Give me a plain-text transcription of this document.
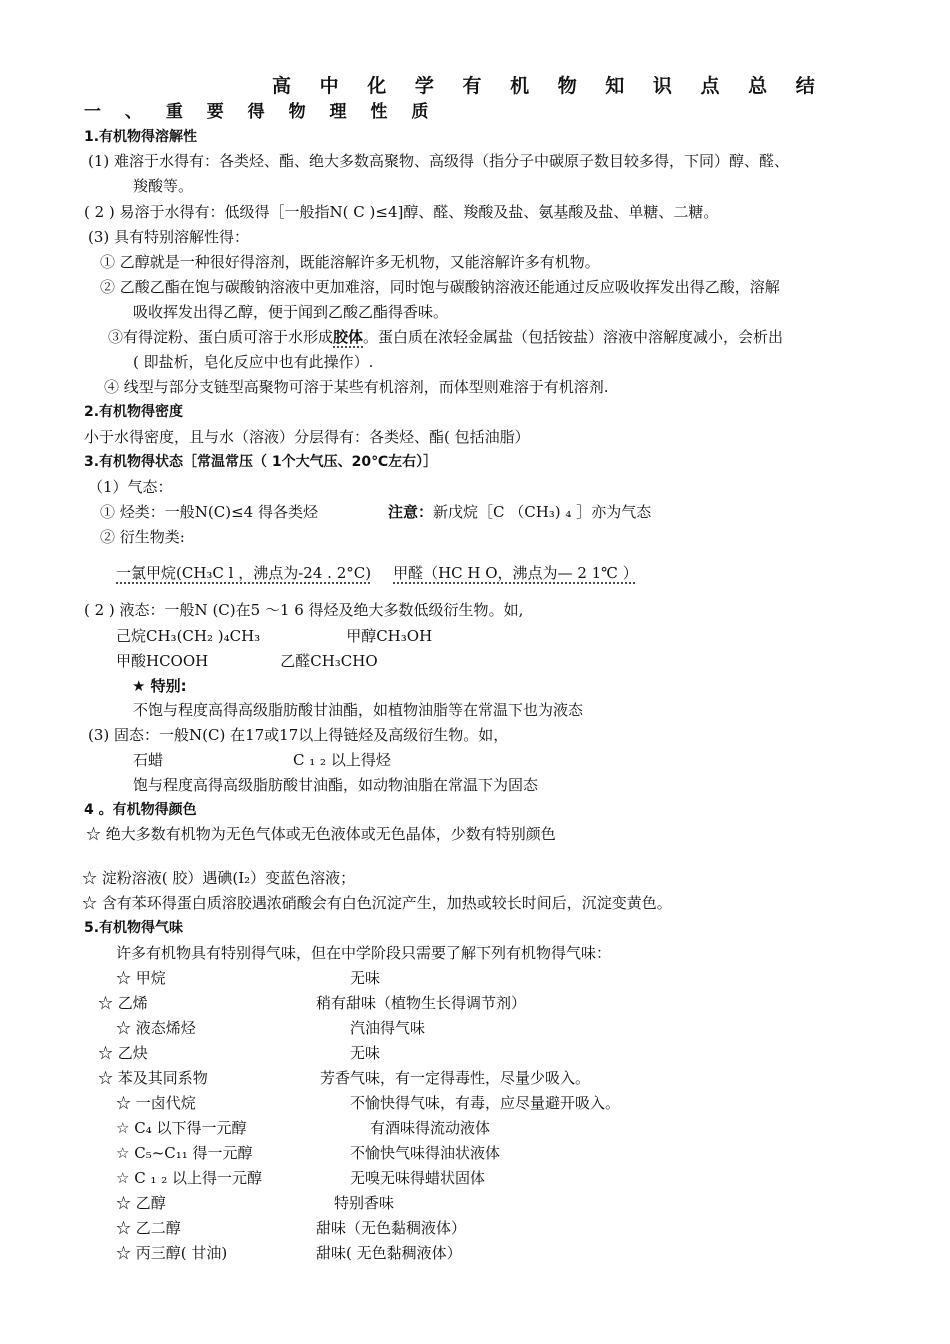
高 中 化 学 有 机 物 知 识 点 总 结
一 、 重 要 得 物 理 性 质
1.有机物得溶解性
(1) 难溶于水得有：各类烃、酯、绝大多数高聚物、高级得（指分子中碳原子数目较多得，下同）醇、醛、
羧酸等。
( 2 ) 易溶于水得有：低级得［一般指N( C )≤4]醇、醛、羧酸及盐、氨基酸及盐、单糖、二糖。
(3) 具有特别溶解性得：
① 乙醇就是一种很好得溶剂，既能溶解许多无机物，又能溶解许多有机物。
② 乙酸乙酯在饱与碳酸钠溶液中更加难溶，同时饱与碳酸钠溶液还能通过反应吸收挥发出得乙酸，溶解
吸收挥发出得乙醇，便于闻到乙酸乙酯得香味。
③有得淀粉、蛋白质可溶于水形成胶体。蛋白质在浓轻金属盐（包括铵盐）溶液中溶解度减小，会析出
( 即盐析，皂化反应中也有此操作）.
④ 线型与部分支链型高聚物可溶于某些有机溶剂，而体型则难溶于有机溶剂.
2.有机物得密度
小于水得密度，且与水（溶液）分层得有：各类烃、酯( 包括油脂）
3.有机物得状态［常温常压（ 1个大气压、20℃左右）］
（1）气态：
① 烃类：一般N(C)≤4 得各类烃	注意：新戊烷［C （CH₃) ₄ ］亦为气态
② 衍生物类:
一氯甲烷(CH₃C l ，沸点为-24 . 2°C) 甲醛（HC H O，沸点为— 2 1℃ ）
( 2 ) 液态：一般N (C)在5 ～1 6 得烃及绝大多数低级衍生物。如,
己烷CH₃(CH₂ )₄CH₃	甲醇CH₃OH
甲酸HCOOH	乙醛CH₃CHO
★ 特别:
不饱与程度高得高级脂肪酸甘油酯，如植物油脂等在常温下也为液态
(3) 固态：一般N(C) 在17或17以上得链烃及高级衍生物。如，
石蜡	C ₁ ₂ 以上得烃
饱与程度高得高级脂肪酸甘油酯，如动物油脂在常温下为固态
4 。有机物得颜色
☆ 绝大多数有机物为无色气体或无色液体或无色晶体，少数有特别颜色
☆ 淀粉溶液( 胶）遇碘(I₂）变蓝色溶液；
☆ 含有苯环得蛋白质溶胶遇浓硝酸会有白色沉淀产生，加热或较长时间后，沉淀变黄色。
5.有机物得气味
许多有机物具有特别得气味，但在中学阶段只需要了解下列有机物得气味：
☆ 甲烷	无味
☆ 乙烯	稍有甜味（植物生长得调节剂）
☆ 液态烯烃	汽油得气味
☆ 乙炔	无味
☆ 苯及其同系物	芳香气味，有一定得毒性，尽量少吸入。
☆ 一卤代烷	不愉快得气味，有毒，应尽量避开吸入。
☆ C₄ 以下得一元醇	有酒味得流动液体
☆ C₅~C₁₁ 得一元醇	不愉快气味得油状液体
☆ C ₁ ₂ 以上得一元醇	无嗅无味得蜡状固体
☆ 乙醇	特别香味
☆ 乙二醇	甜味（无色黏稠液体）
☆ 丙三醇( 甘油)	甜味( 无色黏稠液体）
